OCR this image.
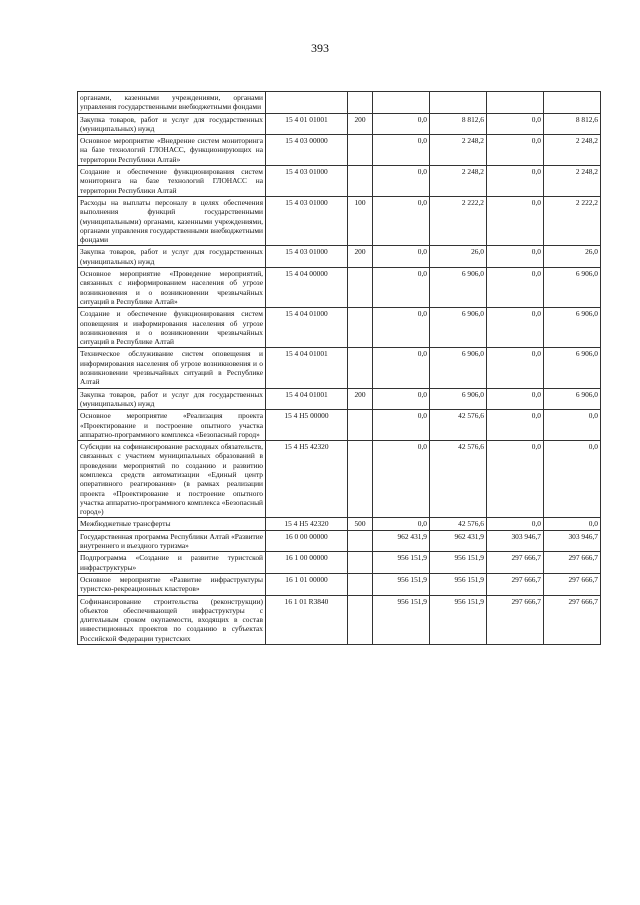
393
органами, казенными учреждениями, органами управления государственными внебюджетными фондами						
Закупка товаров, работ и услуг для государственных (муниципальных) нужд	15 4 01 01001	200	0,0	8 812,6	0,0	8 812,6
Основное мероприятие «Внедрение систем мониторинга на базе технологий ГЛОНАСС, функционирующих на территории Республики Алтай»	15 4 03 00000		0,0	2 248,2	0,0	2 248,2
Создание и обеспечение функционирования систем мониторинга на базе технологий ГЛОНАСС на территории Республики Алтай	15 4 03 01000		0,0	2 248,2	0,0	2 248,2
Расходы на выплаты персоналу в целях обеспечения выполнения функций государственными (муниципальными) органами, казенными учреждениями, органами управления государственными внебюджетными фондами	15 4 03 01000	100	0,0	2 222,2	0,0	2 222,2
Закупка товаров, работ и услуг для государственных (муниципальных) нужд	15 4 03 01000	200	0,0	26,0	0,0	26,0
Основное мероприятие «Проведение мероприятий, связанных с информированием населения об угрозе возникновения и о возникновении чрезвычайных ситуаций в Республике Алтай»	15 4 04 00000		0,0	6 906,0	0,0	6 906,0
Создание и обеспечение функционирования систем оповещения и информирования населения об угрозе возникновения и о возникновении чрезвычайных ситуаций в Республике Алтай	15 4 04 01000		0,0	6 906,0	0,0	6 906,0
Техническое обслуживание систем оповещения и информирования населения об угрозе возникновения и о возникновении чрезвычайных ситуаций в Республике Алтай	15 4 04 01001		0,0	6 906,0	0,0	6 906,0
Закупка товаров, работ и услуг для государственных (муниципальных) нужд	15 4 04 01001	200	0,0	6 906,0	0,0	6 906,0
Основное мероприятие «Реализация проекта «Проектирование и построение опытного участка аппаратно-программного комплекса «Безопасный город»	15 4 H5 00000		0,0	42 576,6	0,0	0,0
Субсидии на софинансирование расходных обязательств, связанных с участием муниципальных образований в проведении мероприятий по созданию и развитию комплекса средств автоматизации «Единый центр оперативного реагирования» (в рамках реализации проекта «Проектирование и построение опытного участка аппаратно-программного комплекса «Безопасный город»)	15 4 H5 42320		0,0	42 576,6	0,0	0,0
Межбюджетные трансферты	15 4 H5 42320	500	0,0	42 576,6	0,0	0,0
Государственная программа Республики Алтай «Развитие внутреннего и въездного туризма»	16 0 00 00000		962 431,9	962 431,9	303 946,7	303 946,7
Подпрограмма «Создание и развитие туристской инфраструктуры»	16 1 00 00000		956 151,9	956 151,9	297 666,7	297 666,7
Основное мероприятие «Развитие инфраструктуры туристско-рекреационных кластеров»	16 1 01 00000		956 151,9	956 151,9	297 666,7	297 666,7
Софинансирование строительства (реконструкции) объектов обеспечивающей инфраструктуры с длительным сроком окупаемости, входящих в состав инвестиционных проектов по созданию в субъектах Российской Федерации туристских	16 1 01 R3840		956 151,9	956 151,9	297 666,7	297 666,7
